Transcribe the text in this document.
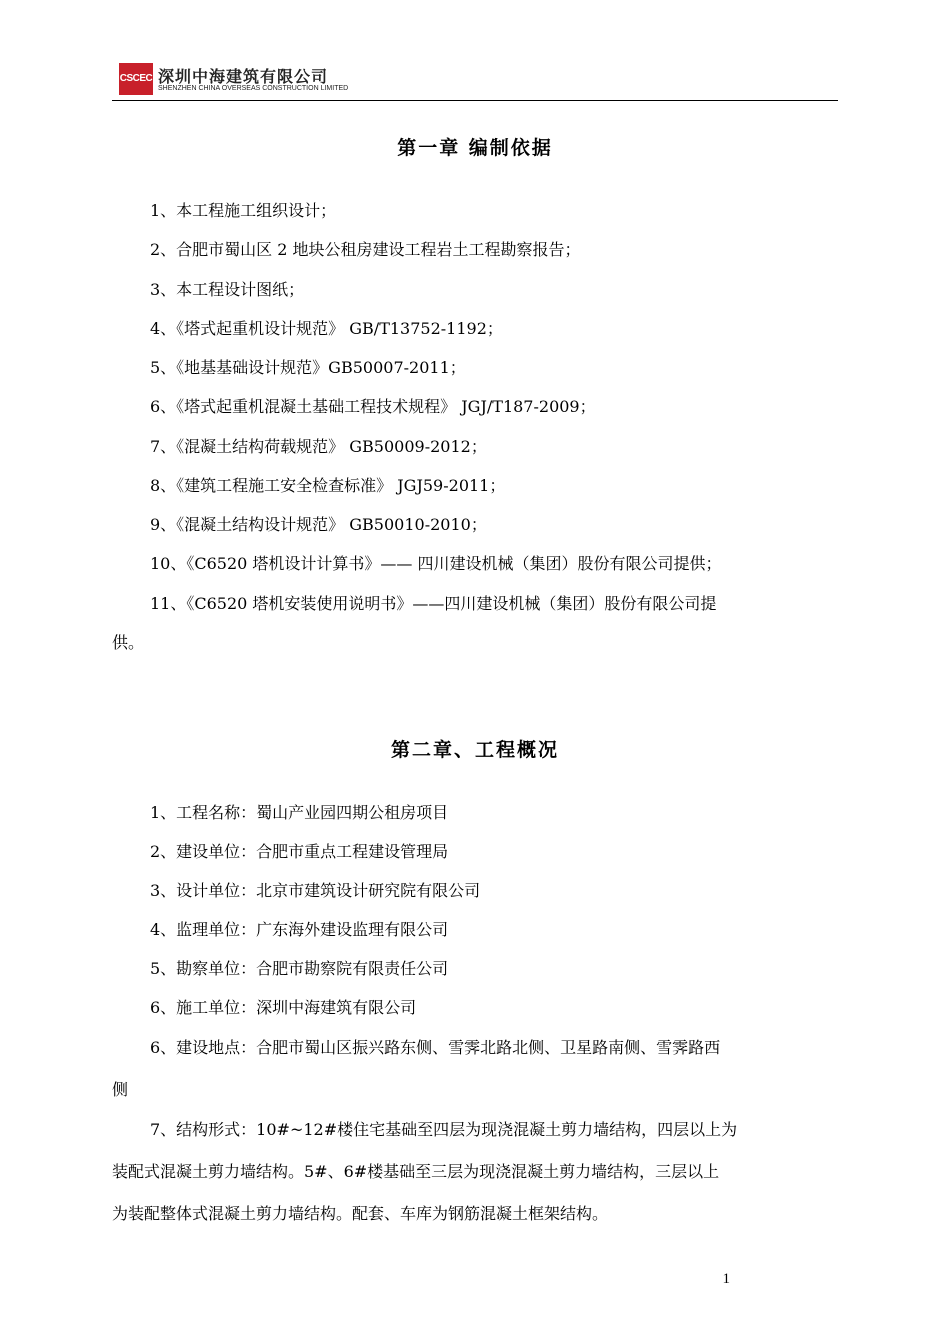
CSCEC 深圳中海建筑有限公司
SHENZHEN CHINA OVERSEAS CONSTRUCTION LIMITED
第一章 编制依据
1、本工程施工组织设计；
2、合肥市蜀山区 2 地块公租房建设工程岩土工程勘察报告；
3、本工程设计图纸；
4、《塔式起重机设计规范》 GB/T13752-1192；
5、《地基基础设计规范》GB50007-2011；
6、《塔式起重机混凝土基础工程技术规程》 JGJ/T187-2009；
7、《混凝土结构荷载规范》 GB50009-2012；
8、《建筑工程施工安全检查标准》 JGJ59-2011；
9、《混凝土结构设计规范》 GB50010-2010；
10、《C6520 塔机设计计算书》—— 四川建设机械（集团）股份有限公司提供；
11、《C6520 塔机安装使用说明书》——四川建设机械（集团）股份有限公司提
供。
第二章、工程概况
1、工程名称：蜀山产业园四期公租房项目
2、建设单位：合肥市重点工程建设管理局
3、设计单位：北京市建筑设计研究院有限公司
4、监理单位：广东海外建设监理有限公司
5、勘察单位：合肥市勘察院有限责任公司
6、施工单位：深圳中海建筑有限公司
6、建设地点：合肥市蜀山区振兴路东侧、雪霁北路北侧、卫星路南侧、雪霁路西
侧
7、结构形式：10#~12#楼住宅基础至四层为现浇混凝土剪力墙结构，四层以上为
装配式混凝土剪力墙结构。5#、6#楼基础至三层为现浇混凝土剪力墙结构，三层以上
为装配整体式混凝土剪力墙结构。配套、车库为钢筋混凝土框架结构。
1
